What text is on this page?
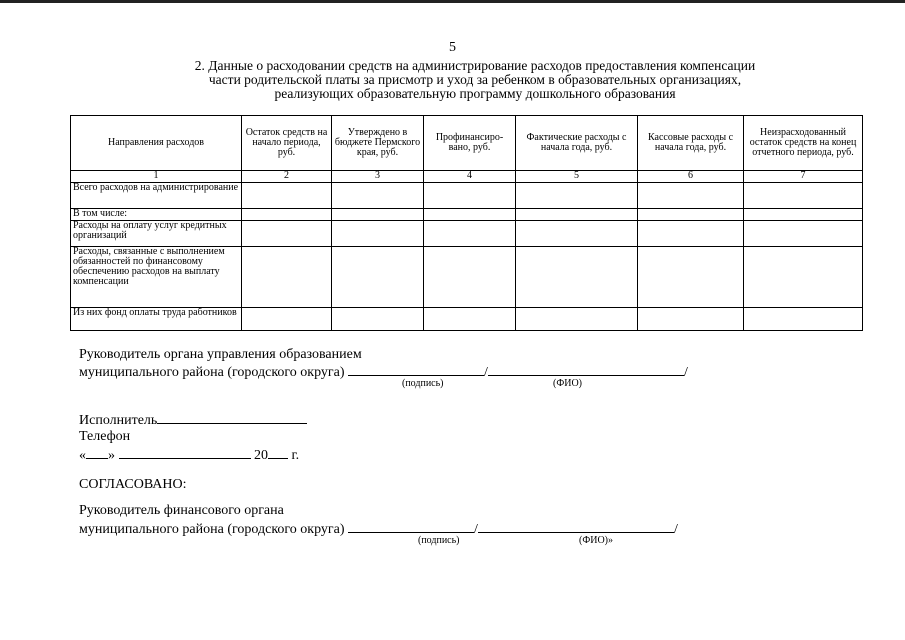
5
2. Данные о расходовании средств на администрирование расходов предоставления компенсации
части родительской платы за присмотр и уход за ребенком в образовательных организациях,
реализующих образовательную программу дошкольного образования
Направления расходов	Остаток средств на начало периода, руб.	Утверждено в бюджете Пермского края, руб.	Профинансиро-вано, руб.	Фактические расходы с начала года, руб.	Кассовые расходы с начала года, руб.	Неизрасходованный остаток средств на конец отчетного периода, руб.
1	2	3	4	5	6	7
Всего расходов на администрирование						
В том числе:						
Расходы на оплату услуг кредитных организаций						
Расходы, связанные с выполнением обязанностей по финансовому обеспечению расходов на выплату компенсации						
Из них фонд оплаты труда работников						
Руководитель органа управления образованием
муниципального района (городского округа)	/	/
(подпись)	(ФИО)
Исполнитель
Телефон
« »	20 г.
СОГЛАСОВАНО:
Руководитель финансового органа
муниципального района (городского округа)	/	/
(подпись)	(ФИО)»
